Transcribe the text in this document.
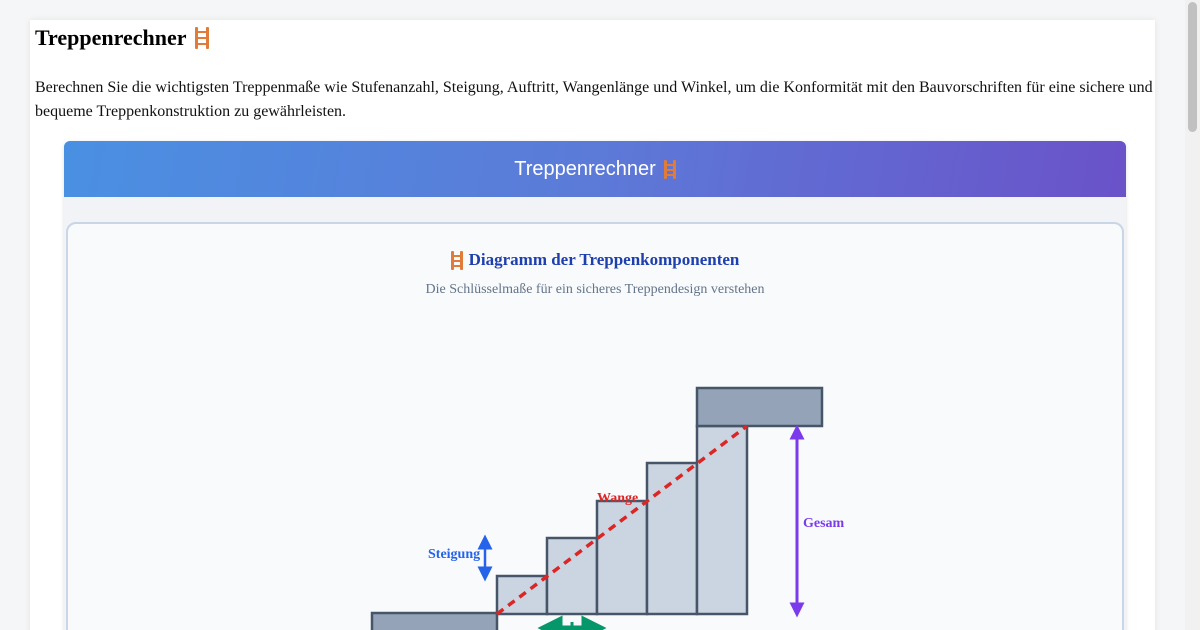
Treppenrechner

Berechnen Sie die wichtigsten Treppenmaße wie Stufenanzahl, Steigung, Auftritt, Wangenlänge und Winkel, um die Konformität mit den Bauvorschriften für eine sichere und bequeme Treppenkonstruktion zu gewährleisten.

Treppenrechner
Diagramm der Treppenkomponenten
Die Schlüsselmaße für ein sicheres Treppendesign verstehen
Steigung
Wange
Gesam
